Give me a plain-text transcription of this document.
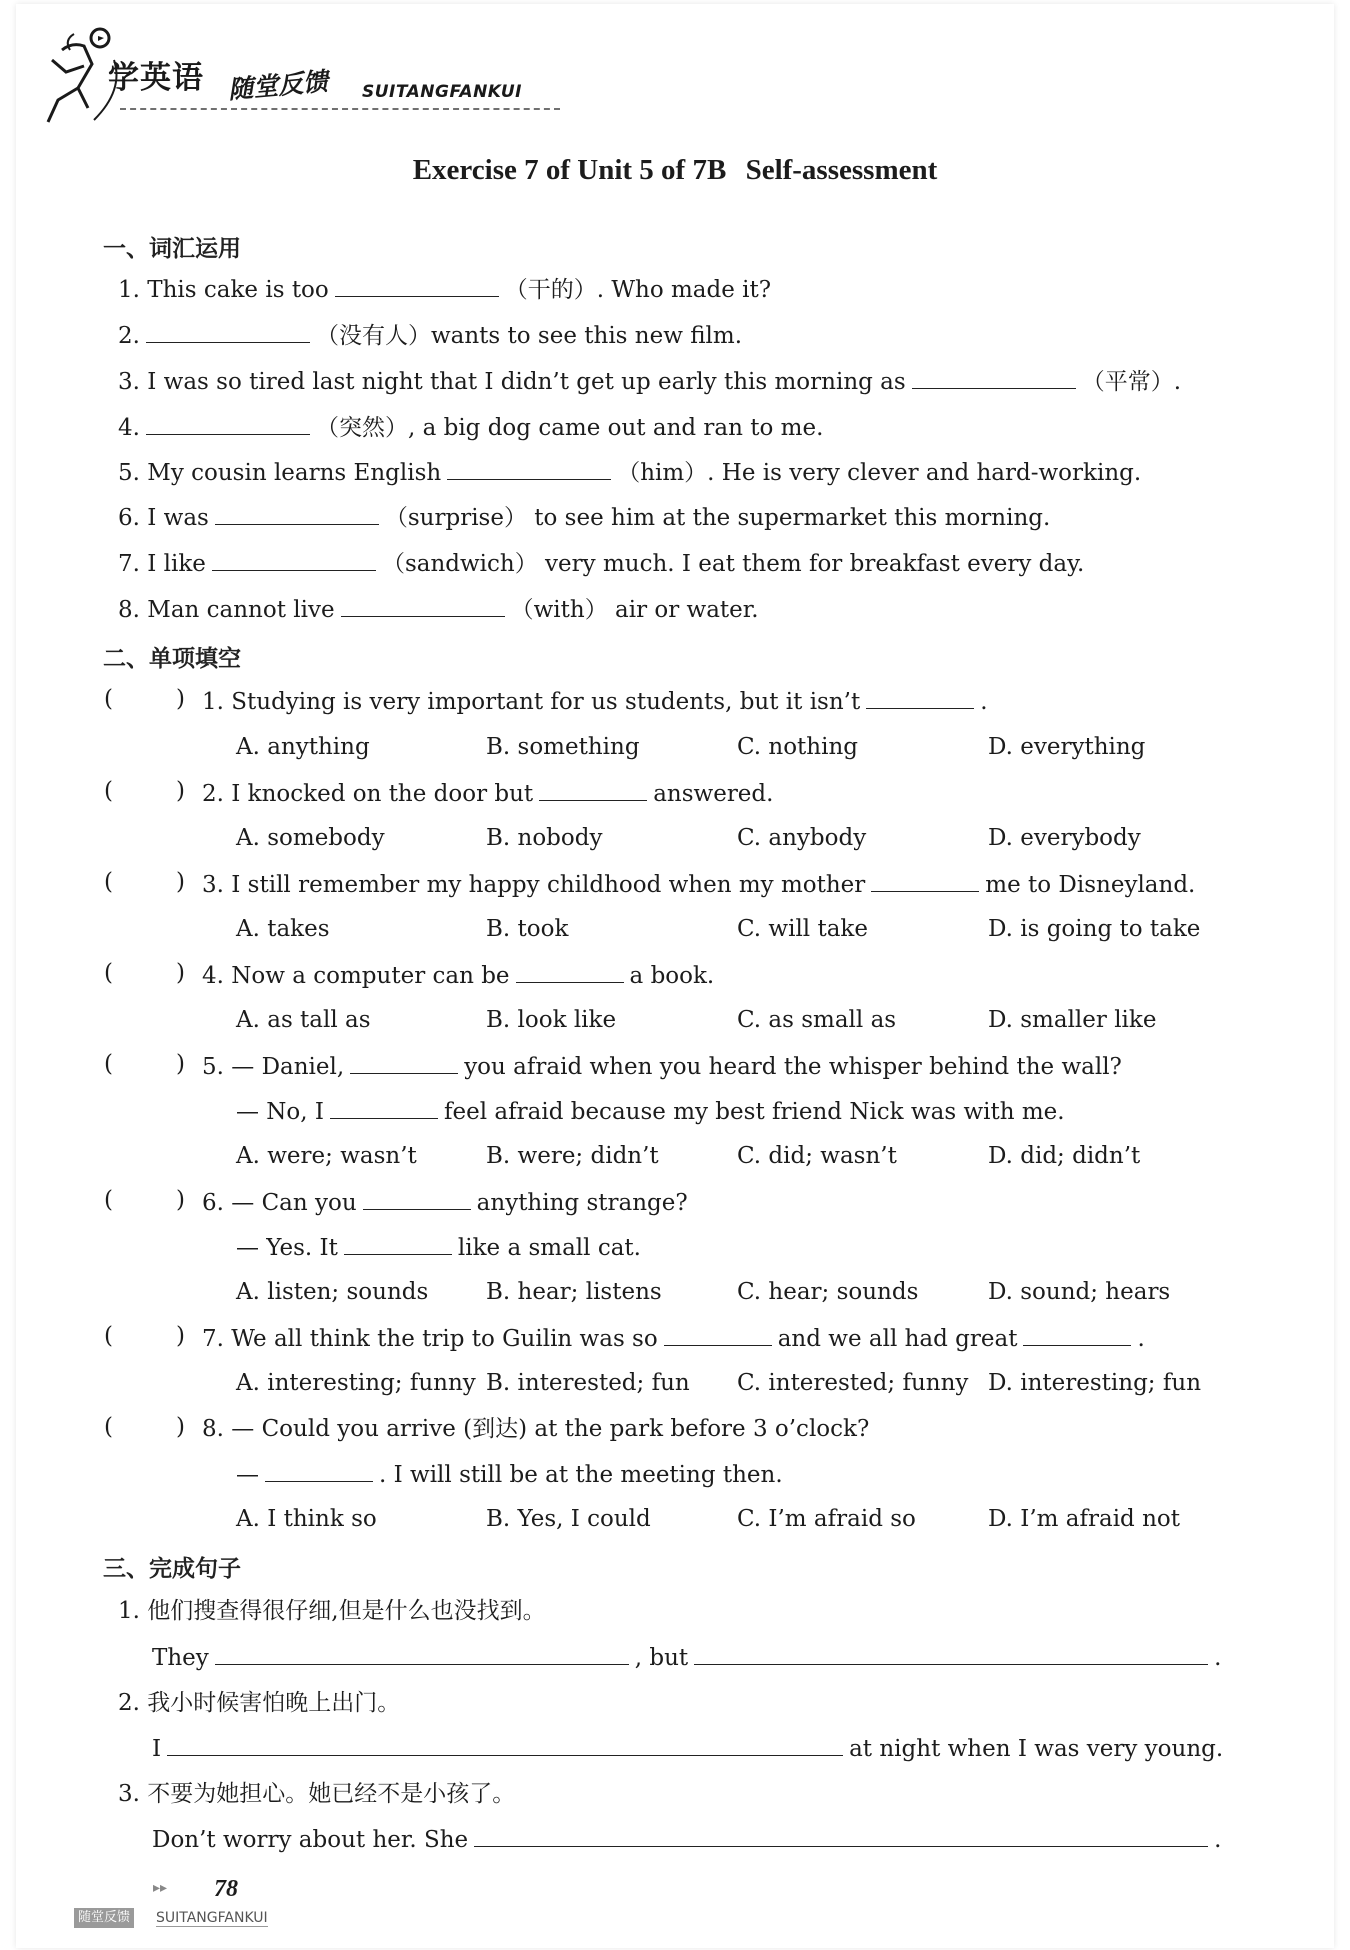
学英语 随堂反馈 SUITANGFANKUI
Exercise 7 of Unit 5 of 7B Self-assessment
一、词汇运用
1. This cake is too	（干的）. Who made it?
2.	（没有人）wants to see this new film.
3. I was so tired last night that I didn’t get up early this morning as	（平常）.
4.	（突然）, a big dog came out and ran to me.
5. My cousin learns English	（him）. He is very clever and hard-working.
6. I was	（surprise） to see him at the supermarket this morning.
7. I like	（sandwich） very much. I eat them for breakfast every day.
8. Man cannot live	（with） air or water.
二、单项填空
(	) 1. Studying is very important for us students, but it isn’t	.
A. anything	B. something	C. nothing	D. everything
(	) 2. I knocked on the door but	answered.
A. somebody	B. nobody	C. anybody	D. everybody
(	) 3. I still remember my happy childhood when my mother	me to Disneyland.
A. takes	B. took	C. will take	D. is going to take
(	) 4. Now a computer can be	a book.
A. as tall as	B. look like	C. as small as	D. smaller like
(	) 5. — Daniel,	you afraid when you heard the whisper behind the wall?
— No, I	feel afraid because my best friend Nick was with me.
A. were; wasn’t	B. were; didn’t	C. did; wasn’t	D. did; didn’t
(	) 6. — Can you	anything strange?
— Yes. It	like a small cat.
A. listen; sounds	B. hear; listens	C. hear; sounds	D. sound; hears
(	) 7. We all think the trip to Guilin was so	and we all had great	.
A. interesting; funny B. interested; fun C. interested; funny D. interesting; fun
(	) 8. — Could you arrive (到达) at the park before 3 o’clock?
—	. I will still be at the meeting then.
A. I think so	B. Yes, I could	C. I’m afraid so	D. I’m afraid not
三、完成句子
1. 他们搜查得很仔细,但是什么也没找到。
They	, but	.
2. 我小时候害怕晚上出门。
I	at night when I was very young.
3. 不要为她担心。她已经不是小孩了。
Don’t worry about her. She	.
▸▸ 78
随堂反馈 SUITANGFANKUI
